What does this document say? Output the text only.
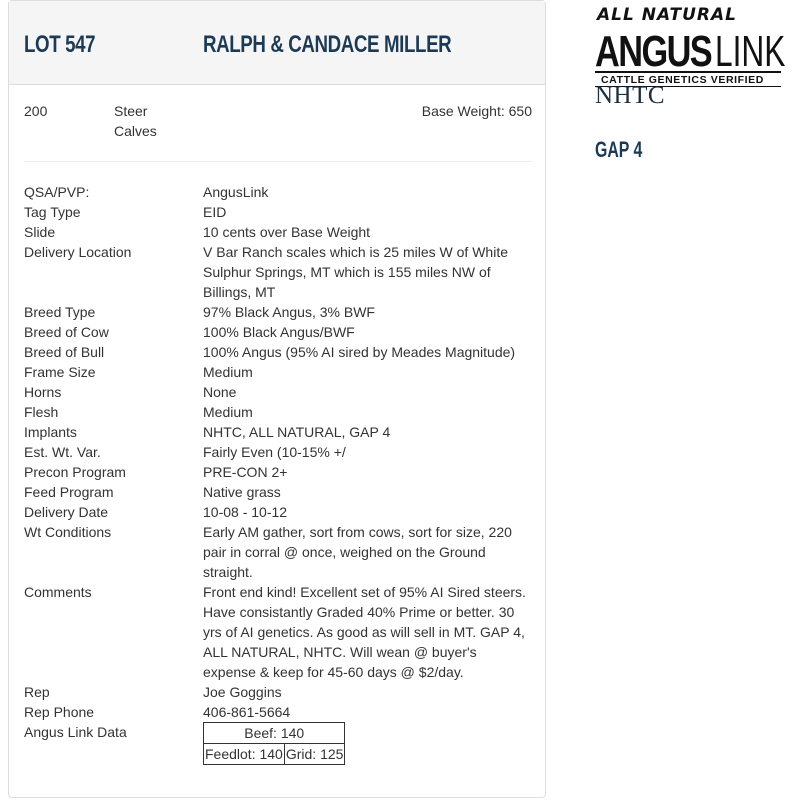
LOT 547	RALPH & CANDACE MILLER
200	Steer
Calves
Base Weight: 650
QSA/PVP:	AngusLink
Tag Type	EID
Slide	10 cents over Base Weight
Delivery Location	V Bar Ranch scales which is 25 miles W of White
Sulphur Springs, MT which is 155 miles NW of
Billings, MT
Breed Type	97% Black Angus, 3% BWF
Breed of Cow	100% Black Angus/BWF
Breed of Bull	100% Angus (95% AI sired by Meades Magnitude)
Frame Size	Medium
Horns	None
Flesh	Medium
Implants	NHTC, ALL NATURAL, GAP 4
Est. Wt. Var.	Fairly Even (10-15% +/
Precon Program	PRE-CON 2+
Feed Program	Native grass
Delivery Date	10-08 - 10-12
Wt Conditions	Early AM gather, sort from cows, sort for size, 220
pair in corral @ once, weighed on the Ground
straight.
Comments	Front end kind! Excellent set of 95% AI Sired steers.
Have consistantly Graded 40% Prime or better. 30
yrs of AI genetics. As good as will sell in MT. GAP 4,
ALL NATURAL, NHTC. Will wean @ buyer's
expense & keep for 45-60 days @ $2/day.
Rep	Joe Goggins
Rep Phone	406-861-5664
Angus Link Data	Beef: 140
Feedlot: 140	Grid: 125
ALL NATURAL
ANGUS LINK
CATTLE GENETICS VERIFIED
NHTC
GAP 4
